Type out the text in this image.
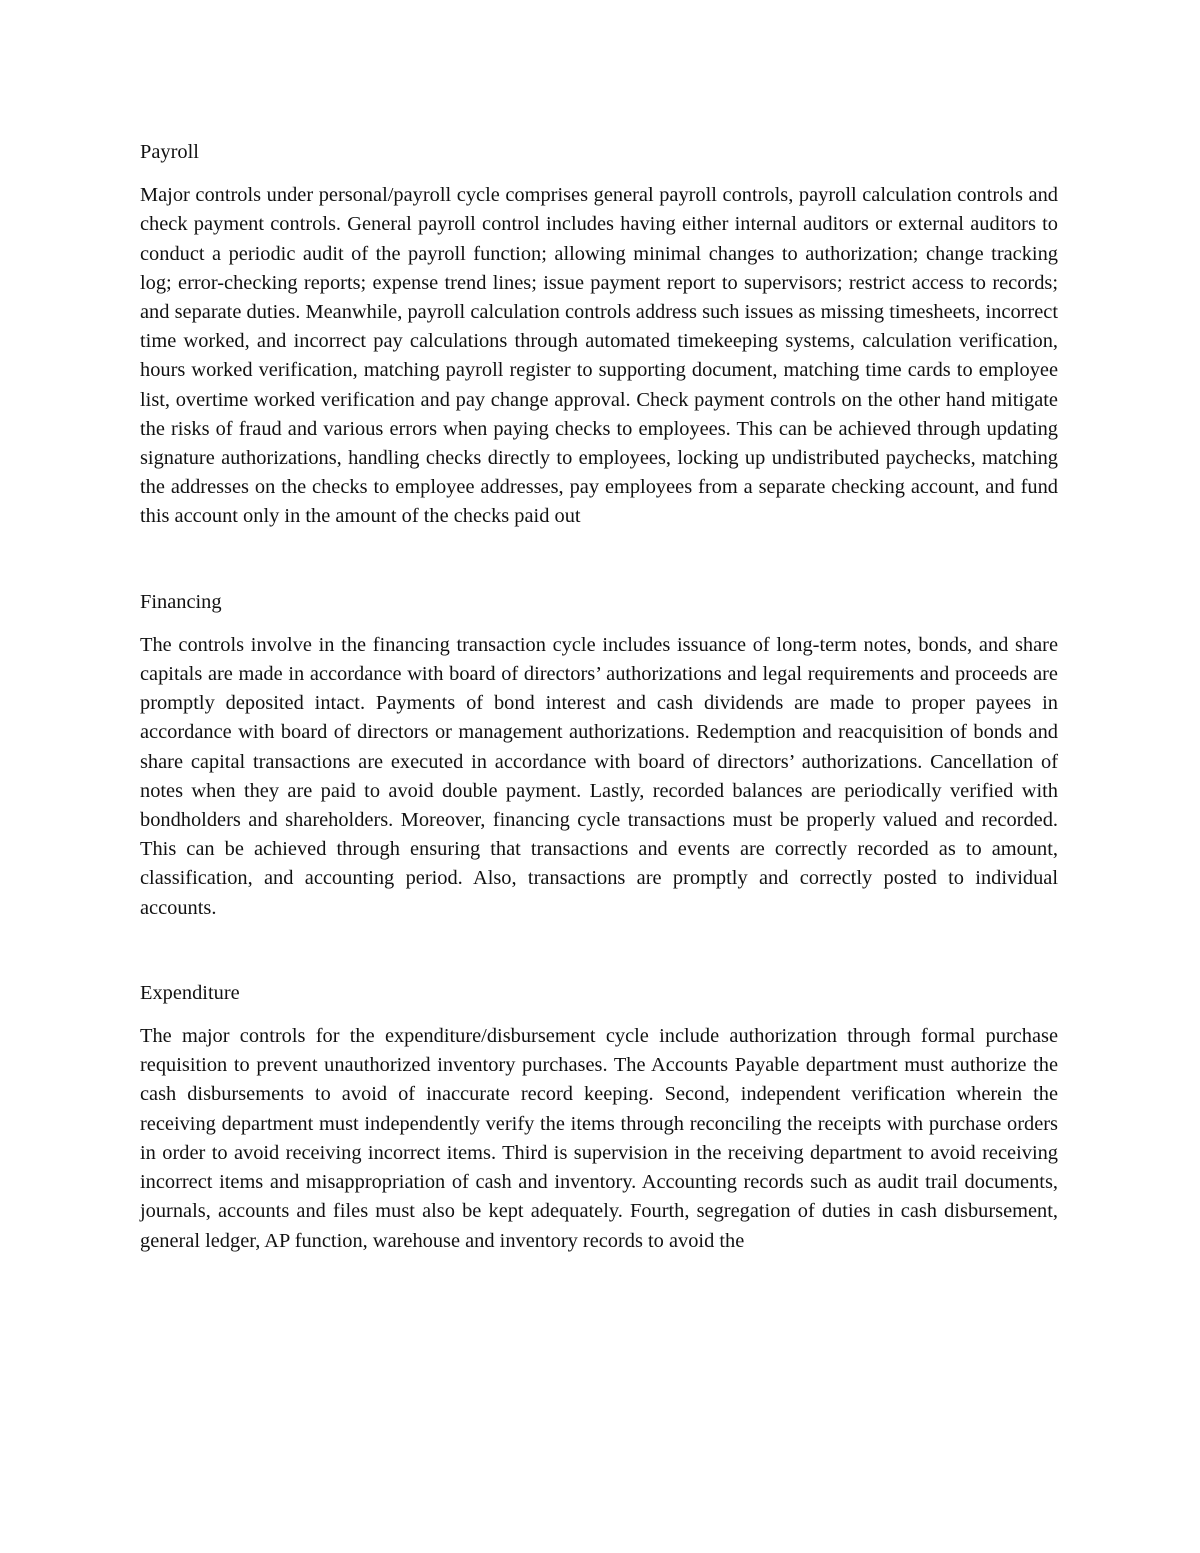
Payroll

Major controls under personal/payroll cycle comprises general payroll controls, payroll calculation controls and check payment controls. General payroll control includes having either internal auditors or external auditors to conduct a periodic audit of the payroll function; allowing minimal changes to authorization; change tracking log; error-checking reports; expense trend lines; issue payment report to supervisors; restrict access to records; and separate duties. Meanwhile, payroll calculation controls address such issues as missing timesheets, incorrect time worked, and incorrect pay calculations through automated timekeeping systems, calculation verification, hours worked verification, matching payroll register to supporting document, matching time cards to employee list, overtime worked verification and pay change approval. Check payment controls on the other hand mitigate the risks of fraud and various errors when paying checks to employees. This can be achieved through updating signature authorizations, handling checks directly to employees, locking up undistributed paychecks, matching the addresses on the checks to employee addresses, pay employees from a separate checking account, and fund this account only in the amount of the checks paid out

Financing

The controls involve in the financing transaction cycle includes issuance of long-term notes, bonds, and share capitals are made in accordance with board of directors’ authorizations and legal requirements and proceeds are promptly deposited intact. Payments of bond interest and cash dividends are made to proper payees in accordance with board of directors or management authorizations. Redemption and reacquisition of bonds and share capital transactions are executed in accordance with board of directors’ authorizations. Cancellation of notes when they are paid to avoid double payment. Lastly, recorded balances are periodically verified with bondholders and shareholders. Moreover, financing cycle transactions must be properly valued and recorded. This can be achieved through ensuring that transactions and events are correctly recorded as to amount, classification, and accounting period. Also, transactions are promptly and correctly posted to individual accounts.

Expenditure

The major controls for the expenditure/disbursement cycle include authorization through formal purchase requisition to prevent unauthorized inventory purchases. The Accounts Payable department must authorize the cash disbursements to avoid of inaccurate record keeping. Second, independent verification wherein the receiving department must independently verify the items through reconciling the receipts with purchase orders in order to avoid receiving incorrect items. Third is supervision in the receiving department to avoid receiving incorrect items and misappropriation of cash and inventory. Accounting records such as audit trail documents, journals, accounts and files must also be kept adequately. Fourth, segregation of duties in cash disbursement, general ledger, AP function, warehouse and inventory records to avoid the
